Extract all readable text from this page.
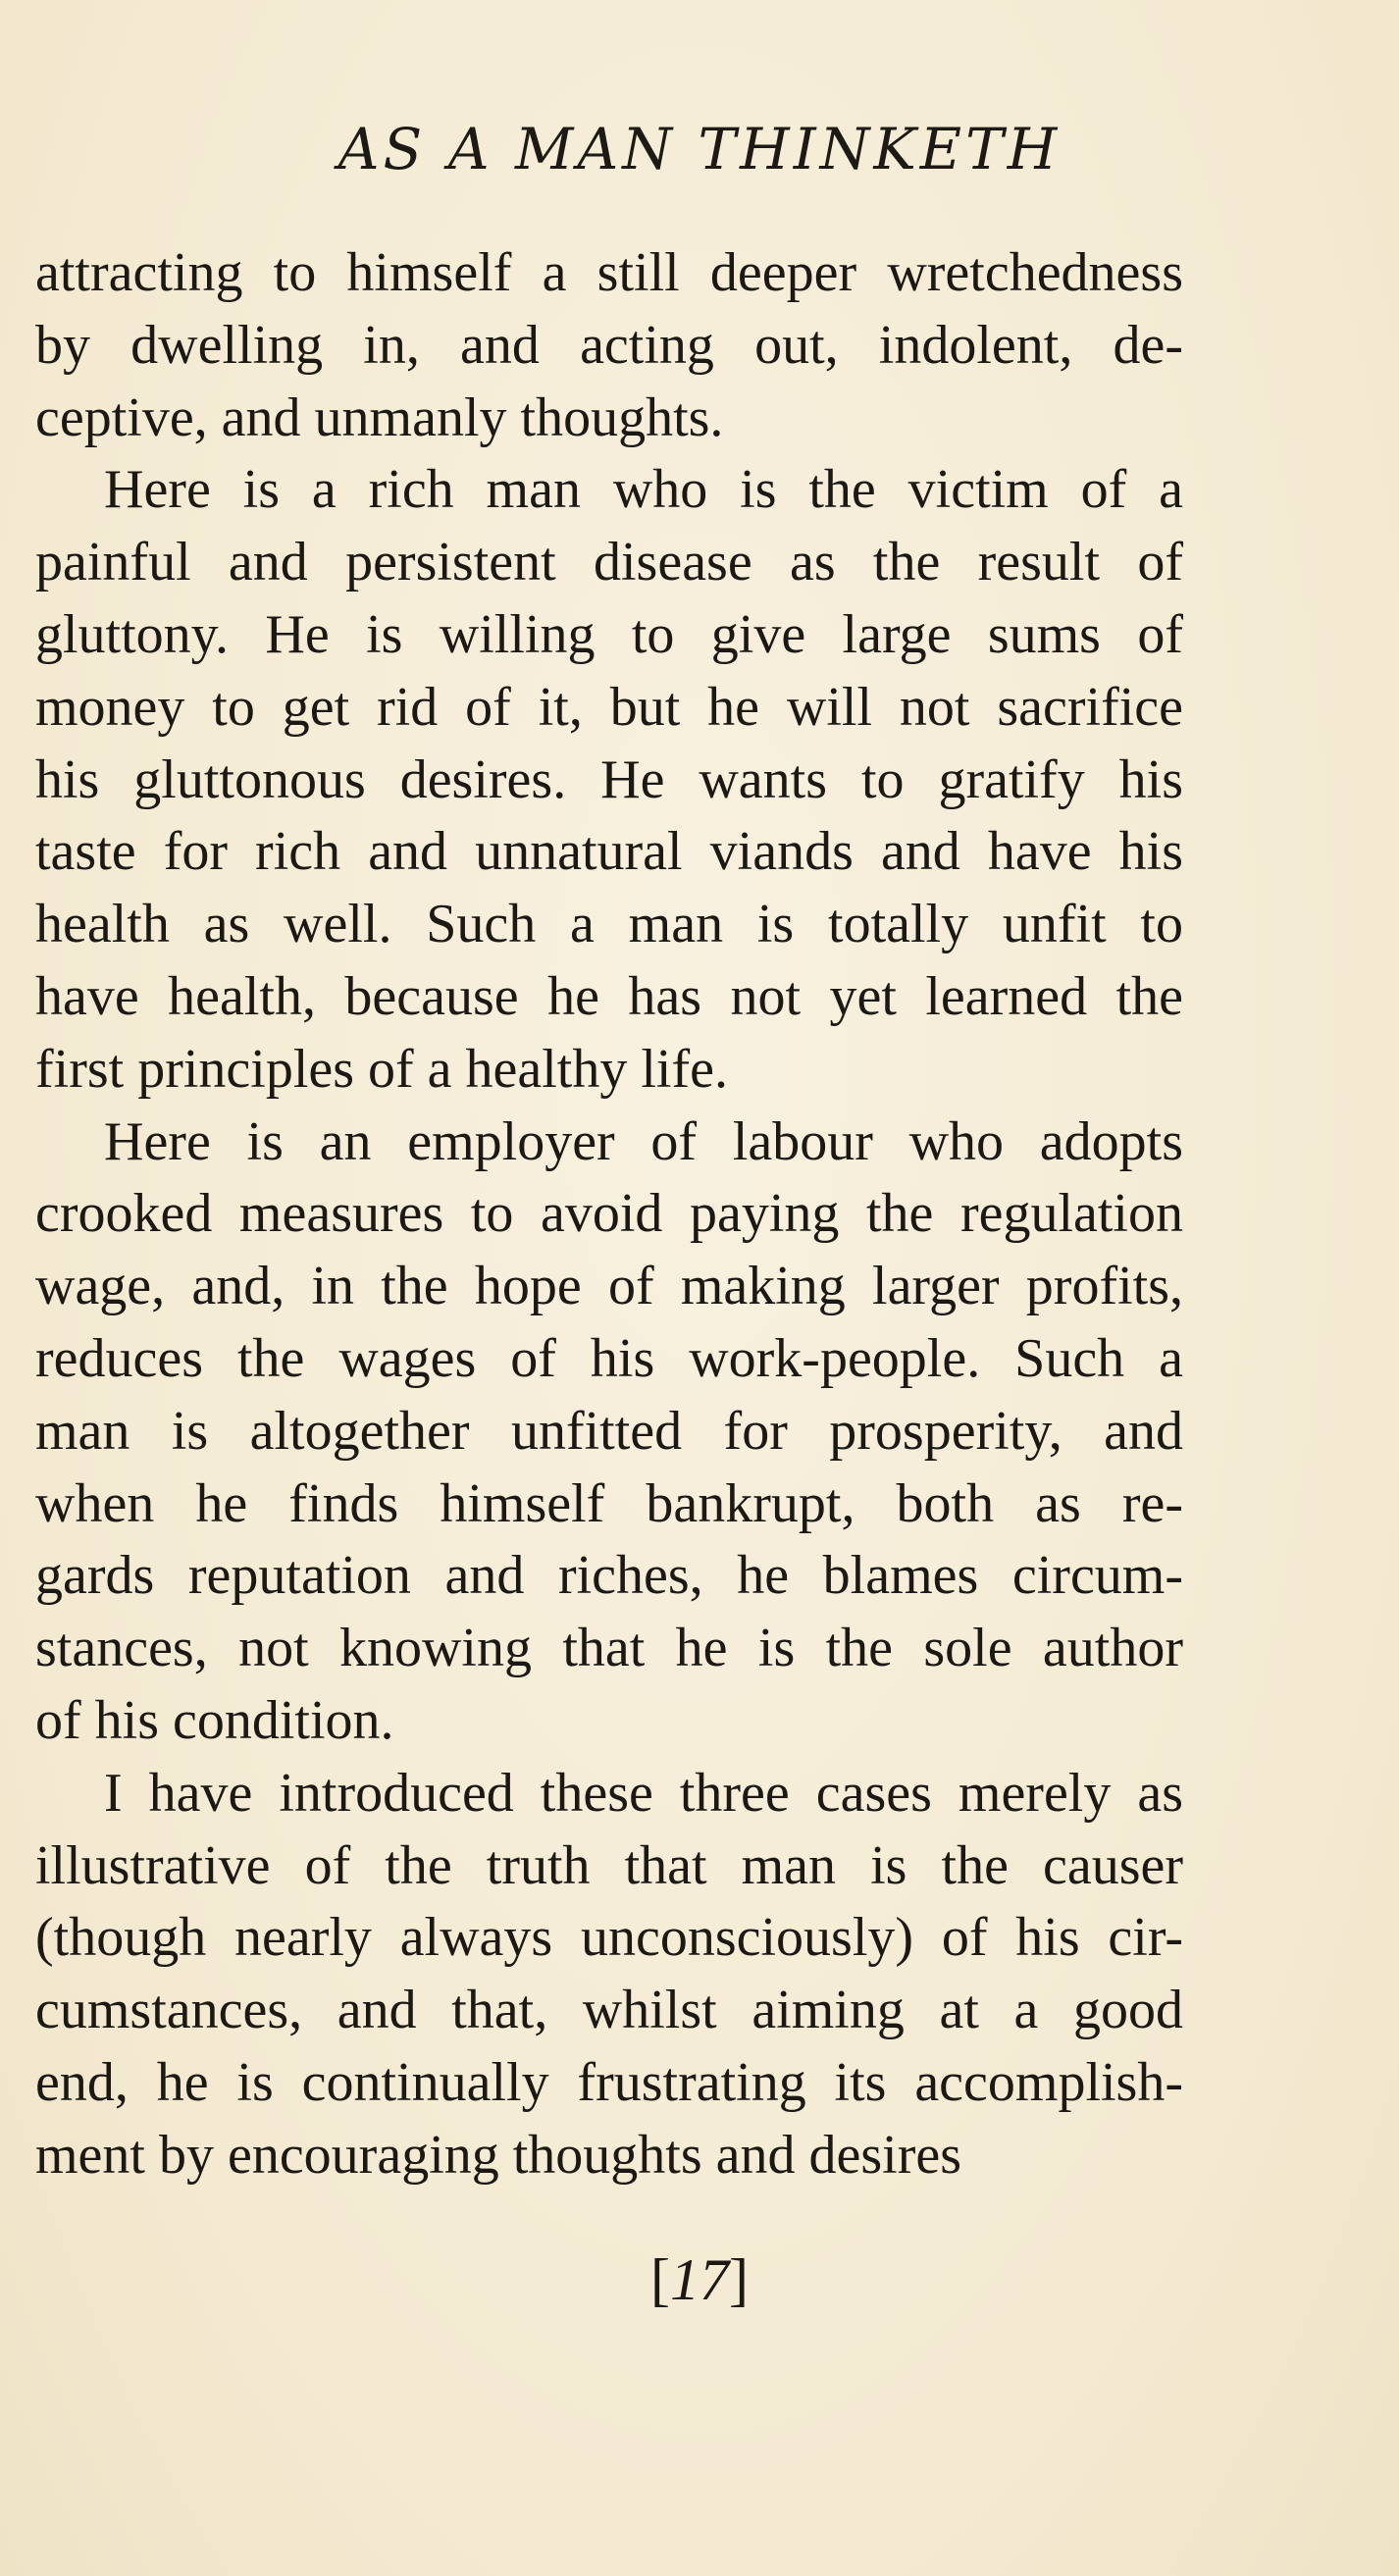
AS A MAN THINKETH
attracting to himself a still deeper wretchedness
by dwelling in, and acting out, indolent, de-
ceptive, and unmanly thoughts.
Here is a rich man who is the victim of a
painful and persistent disease as the result of
gluttony. He is willing to give large sums of
money to get rid of it, but he will not sacrifice
his gluttonous desires. He wants to gratify his
taste for rich and unnatural viands and have his
health as well. Such a man is totally unfit to
have health, because he has not yet learned the
first principles of a healthy life.
Here is an employer of labour who adopts
crooked measures to avoid paying the regulation
wage, and, in the hope of making larger profits,
reduces the wages of his work-people. Such a
man is altogether unfitted for prosperity, and
when he finds himself bankrupt, both as re-
gards reputation and riches, he blames circum-
stances, not knowing that he is the sole author
of his condition.
I have introduced these three cases merely as
illustrative of the truth that man is the causer
(though nearly always unconsciously) of his cir-
cumstances, and that, whilst aiming at a good
end, he is continually frustrating its accomplish-
ment by encouraging thoughts and desires
[17]
